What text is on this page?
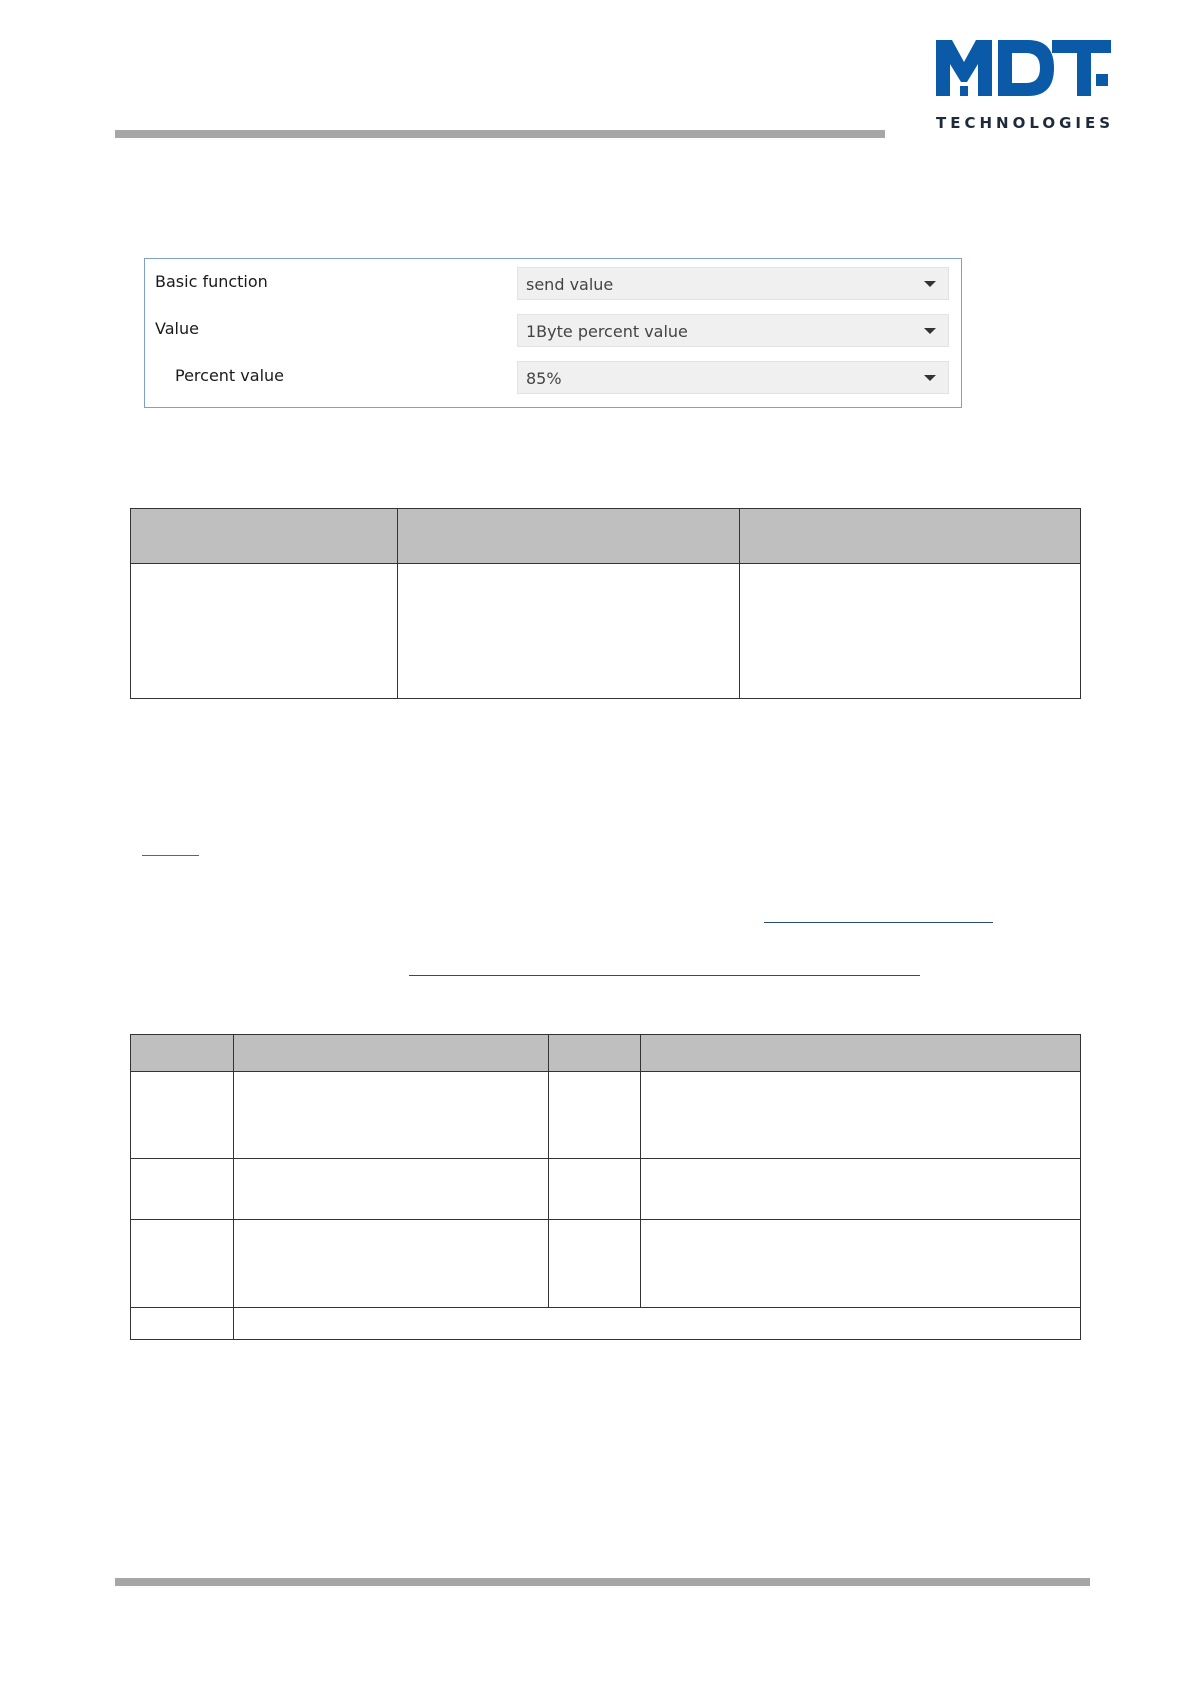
TECHNOLOGIES
Basic function	send value
Value	1Byte percent value
Percent value	85%
